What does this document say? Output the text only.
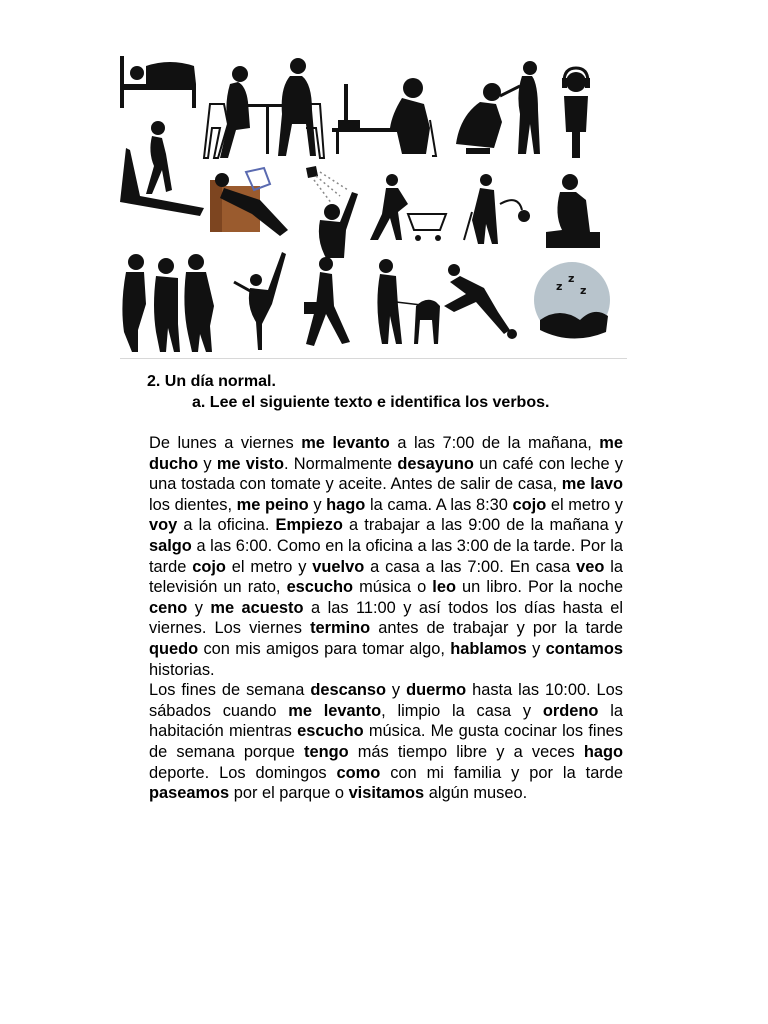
z
z
z
2. Un día normal.
a. Lee el siguiente texto e identifica los verbos.

De lunes a viernes me levanto a las 7:00 de la mañana, me ducho y me visto. Normalmente desayuno un café con leche y una tostada con tomate y aceite. Antes de salir de casa, me lavo los dientes, me peino y hago la cama. A las 8:30 cojo el metro y voy a la oficina. Empiezo a trabajar a las 9:00 de la mañana y salgo a las 6:00. Como en la oficina a las 3:00 de la tarde. Por la tarde cojo el metro y vuelvo a casa a las 7:00. En casa veo la televisión un rato, escucho música o leo un libro. Por la noche ceno y me acuesto a las 11:00 y así todos los días hasta el viernes. Los viernes termino antes de trabajar y por la tarde quedo con mis amigos para tomar algo, hablamos y contamos historias.

Los fines de semana descanso y duermo hasta las 10:00. Los sábados cuando me levanto, limpio la casa y ordeno la habitación mientras escucho música. Me gusta cocinar los fines de semana porque tengo más tiempo libre y a veces hago deporte. Los domingos como con mi familia y por la tarde paseamos por el parque o visitamos algún museo.
